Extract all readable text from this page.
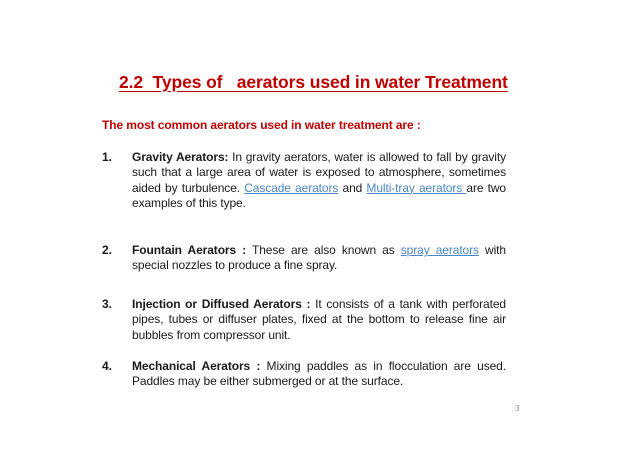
2.2  Types of   aerators used in water Treatment
The most common aerators used in water treatment are :
1. Gravity Aerators: In gravity aerators, water is allowed to fall by gravity such that a large area of water is exposed to atmosphere, sometimes aided by turbulence. Cascade aerators and Multi-tray aerators are two examples of this type.
2. Fountain Aerators : These are also known as spray aerators with special nozzles to produce a fine spray.
3. Injection or Diffused Aerators : It consists of a tank with perforated pipes, tubes or diffuser plates, fixed at the bottom to release fine air bubbles from compressor unit.
4. Mechanical Aerators : Mixing paddles as in flocculation are used. Paddles may be either submerged or at the surface.
3
